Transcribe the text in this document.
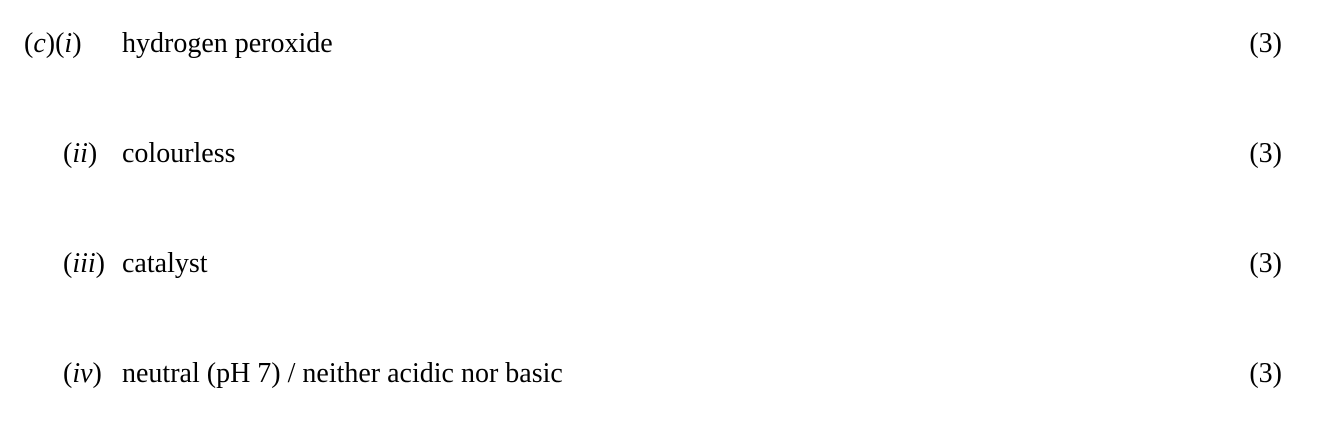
(c)(i) hydrogen peroxide	(3)
(ii) colourless	(3)
(iii) catalyst	(3)
(iv) neutral (pH 7) / neither acidic nor basic	(3)
